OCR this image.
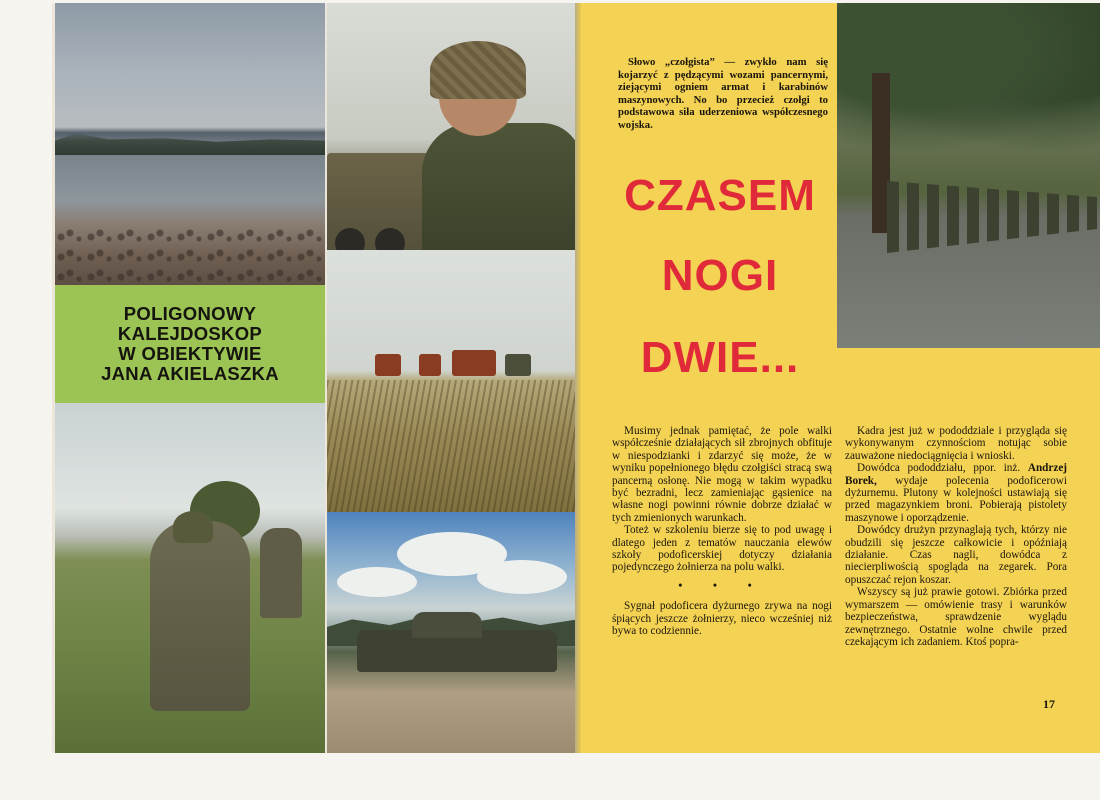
POLIGONOWY
KALEJDOSKOP
W OBIEKTYWIE
JANA AKIELASZKA
Słowo „czołgista” — zwykło nam się kojarzyć z pędzącymi wozami pancernymi, ziejącymi ogniem armat i karabinów maszynowych. No bo przecież czołgi to podstawowa siła uderzeniowa współczesnego wojska.
CZASEM
NOGI
DWIE...

Musimy jednak pamiętać, że pole walki współcześnie działających sił zbrojnych obfituje w niespodzianki i zdarzyć się może, że w wyniku popełnionego błędu czołgiści stracą swą pancerną osłonę. Nie mogą w takim wypadku być bezradni, lecz zamieniając gąsienice na własne nogi powinni równie dobrze działać w tych zmienionych warunkach.

Toteż w szkoleniu bierze się to pod uwagę i dlatego jeden z tematów nauczania elewów szkoły podoficerskiej dotyczy działania pojedynczego żołnierza na polu walki.

• • •

Sygnał podoficera dyżurnego zrywa na nogi śpiących jeszcze żołnierzy, nieco wcześniej niż bywa to codziennie.

Kadra jest już w pododdziale i przygląda się wykonywanym czynnościom notując sobie zauważone niedociągnięcia i wnioski.

Dowódca pododdziału, ppor. inż. Andrzej Borek, wydaje polecenia podoficerowi dyżurnemu. Plutony w kolejności ustawiają się przed magazynkiem broni. Pobierają pistolety maszynowe i oporządzenie.

Dowódcy drużyn przynaglają tych, którzy nie obudzili się jeszcze całkowicie i opóźniają działanie. Czas nagli, dowódca z niecierpliwością spogląda na zegarek. Pora opuszczać rejon koszar.

Wszyscy są już prawie gotowi. Zbiórka przed wymarszem — omówienie trasy i warunków bezpieczeństwa, sprawdzenie wyglądu zewnętrznego. Ostatnie wolne chwile przed czekającym ich zadaniem. Ktoś popra-

17
